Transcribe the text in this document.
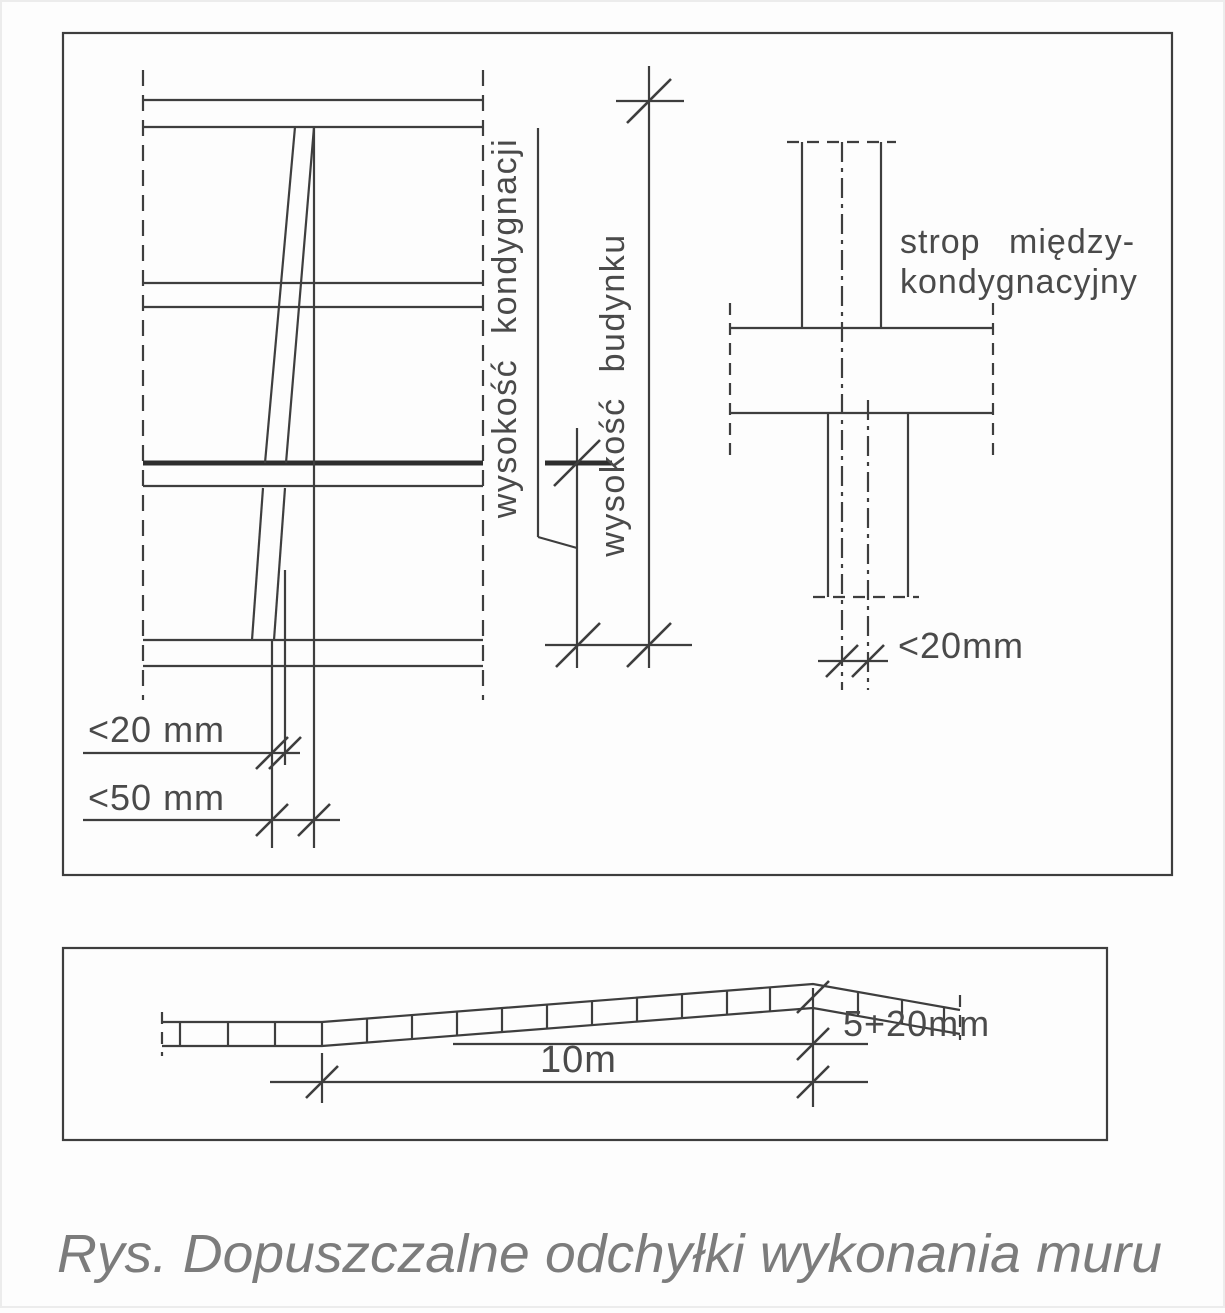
<20 mm
<50 mm
wysokość kondygnacji wysokość budynku
<20mm
strop między-
kondygnacyjny
5+20mm
10m
Rys. Dopuszczalne odchyłki wykonania muru
